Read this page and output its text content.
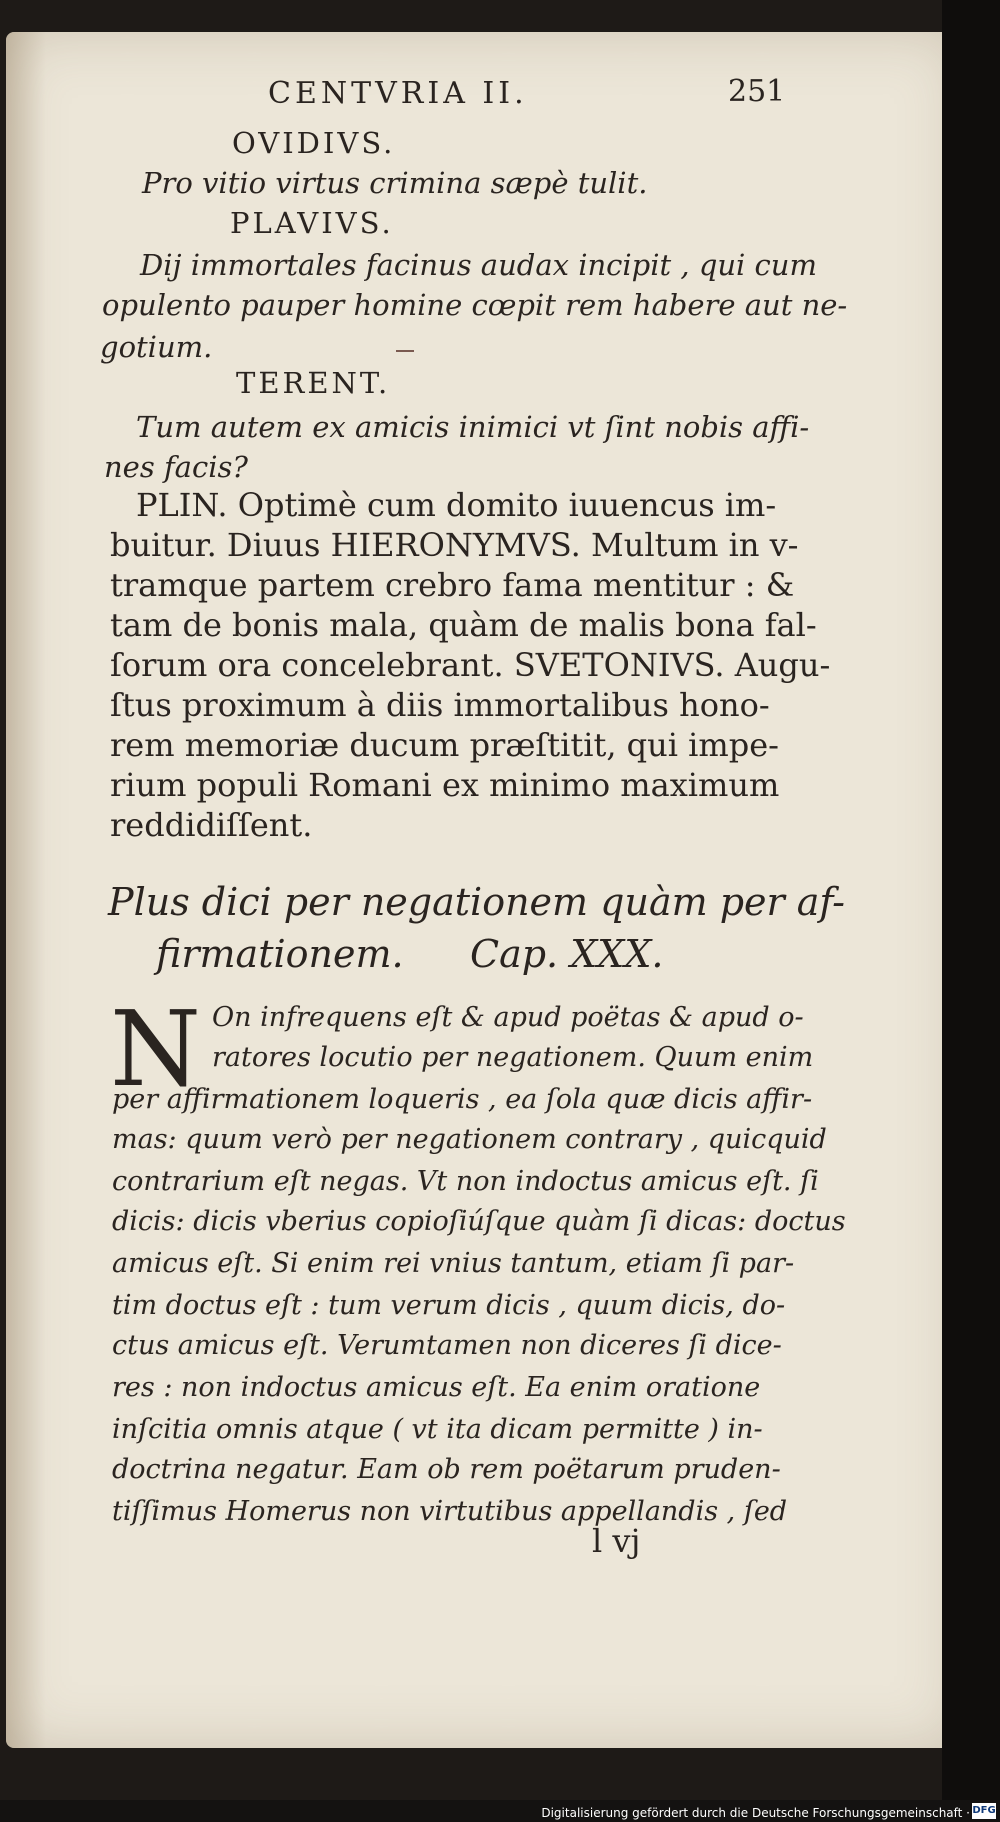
CENTVRIA II.	251
OVIDIVS.
Pro vitio virtus crimina sæpè tulit.
PLAVIVS.
Dij immortales facinus audax incipit , qui cum
opulento pauper homine cœpit rem habere aut ne-
gotium.
TERENT.
Tum autem ex amicis inimici vt ſint nobis affi-
nes facis?
PLIN. Optimè cum domito iuuencus im-
buitur. Diuus HIERONYMVS. Multum in v-
tramque partem crebro fama mentitur : &
tam de bonis mala, quàm de malis bona fal-
ſorum ora concelebrant. SVETONIVS. Augu-
ſtus proximum à diis immortalibus hono-
rem memoriæ ducum præſtitit, qui impe-
rium populi Romani ex minimo maximum
reddidiſſent.
Plus dici per negationem quàm per af-
firmationem. Cap. XXX.
N On infrequens eſt & apud poëtas & apud o-
ratores locutio per negationem. Quum enim
per affirmationem loqueris , ea ſola quæ dicis affir-
mas: quum verò per negationem contrary , quicquid
contrarium eſt negas. Vt non indoctus amicus eſt. ſi
dicis: dicis vberius copioſiúſque quàm ſi dicas: doctus
amicus eſt. Si enim rei vnius tantum, etiam ſi par-
tim doctus eſt : tum verum dicis , quum dicis, do-
ctus amicus eſt. Verumtamen non diceres ſi dice-
res : non indoctus amicus eſt. Ea enim oratione
inſcitia omnis atque ( vt ita dicam permitte ) in-
doctrina negatur. Eam ob rem poëtarum pruden-
tiſſimus Homerus non virtutibus appellandis , ſed
l vj
Digitalisierung gefördert durch die Deutsche Forschungsgemeinschaft · DFG
